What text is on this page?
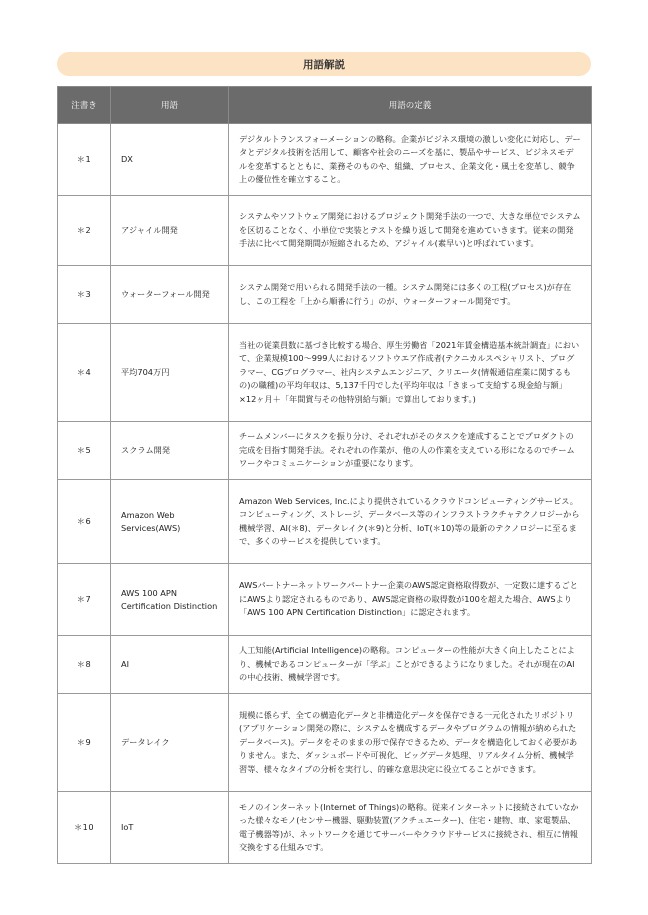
用語解説
注書き	用語	用語の定義
＊1	DX	デジタルトランスフォーメーションの略称。企業がビジネス環境の激しい変化に対応し、データとデジタル技術を活用して、顧客や社会のニーズを基に、製品やサービス、ビジネスモデルを変革するとともに、業務そのものや、組織、プロセス、企業文化・風土を変革し、競争上の優位性を確立すること。
＊2	アジャイル開発	システムやソフトウェア開発におけるプロジェクト開発手法の一つで、大きな単位でシステムを区切ることなく、小単位で実装とテストを繰り返して開発を進めていきます。従来の開発手法に比べて開発期間が短縮されるため、アジャイル(素早い)と呼ばれています。
＊3	ウォーターフォール開発	システム開発で用いられる開発手法の一種。システム開発には多くの工程(プロセス)が存在し、この工程を「上から順番に行う」のが、ウォーターフォール開発です。
＊4	平均704万円	当社の従業員数に基づき比較する場合、厚生労働省「2021年賃金構造基本統計調査」において、企業規模100〜999人におけるソフトウエア作成者(テクニカルスペシャリスト、プログラマー、CGプログラマー、社内システムエンジニア、クリエータ(情報通信産業に関するもの)の職種)の平均年収は、5,137千円でした(平均年収は「きまって支給する現金給与額」×12ヶ月＋「年間賞与その他特別給与額」で算出しております。)
＊5	スクラム開発	チームメンバーにタスクを振り分け、それぞれがそのタスクを達成することでプロダクトの完成を目指す開発手法。それぞれの作業が、他の人の作業を支えている形になるのでチームワークやコミュニケーションが重要になります。
＊6	Amazon Web Services(AWS)	Amazon Web Services, Inc.により提供されているクラウドコンピューティングサービス。コンピューティング、ストレージ、データベース等のインフラストラクチャテクノロジーから機械学習、AI(＊8)、データレイク(＊9)と分析、IoT(＊10)等の最新のテクノロジーに至るまで、多くのサービスを提供しています。
＊7	AWS 100 APN Certification Distinction	AWSパートナーネットワークパートナー企業のAWS認定資格取得数が、一定数に達するごとにAWSより認定されるものであり、AWS認定資格の取得数が100を超えた場合、AWSより「AWS 100 APN Certification Distinction」に認定されます。
＊8	AI	人工知能(Artificial Intelligence)の略称。コンピューターの性能が大きく向上したことにより、機械であるコンピューターが「学ぶ」ことができるようになりました。それが現在のAIの中心技術、機械学習です。
＊9	データレイク	規模に係らず、全ての構造化データと非構造化データを保存できる一元化されたリポジトリ(アプリケーション開発の際に、システムを構成するデータやプログラムの情報が納められたデータベース)。データをそのままの形で保存できるため、データを構造化しておく必要がありません。また、ダッシュボードや可視化、ビッグデータ処理、リアルタイム分析、機械学習等、様々なタイプの分析を実行し、的確な意思決定に役立てることができます。
＊10	IoT	モノのインターネット(Internet of Things)の略称。従来インターネットに接続されていなかった様々なモノ(センサー機器、駆動装置(アクチュエーター)、住宅・建物、車、家電製品、電子機器等)が、ネットワークを通じてサーバーやクラウドサービスに接続され、相互に情報交換をする仕組みです。
